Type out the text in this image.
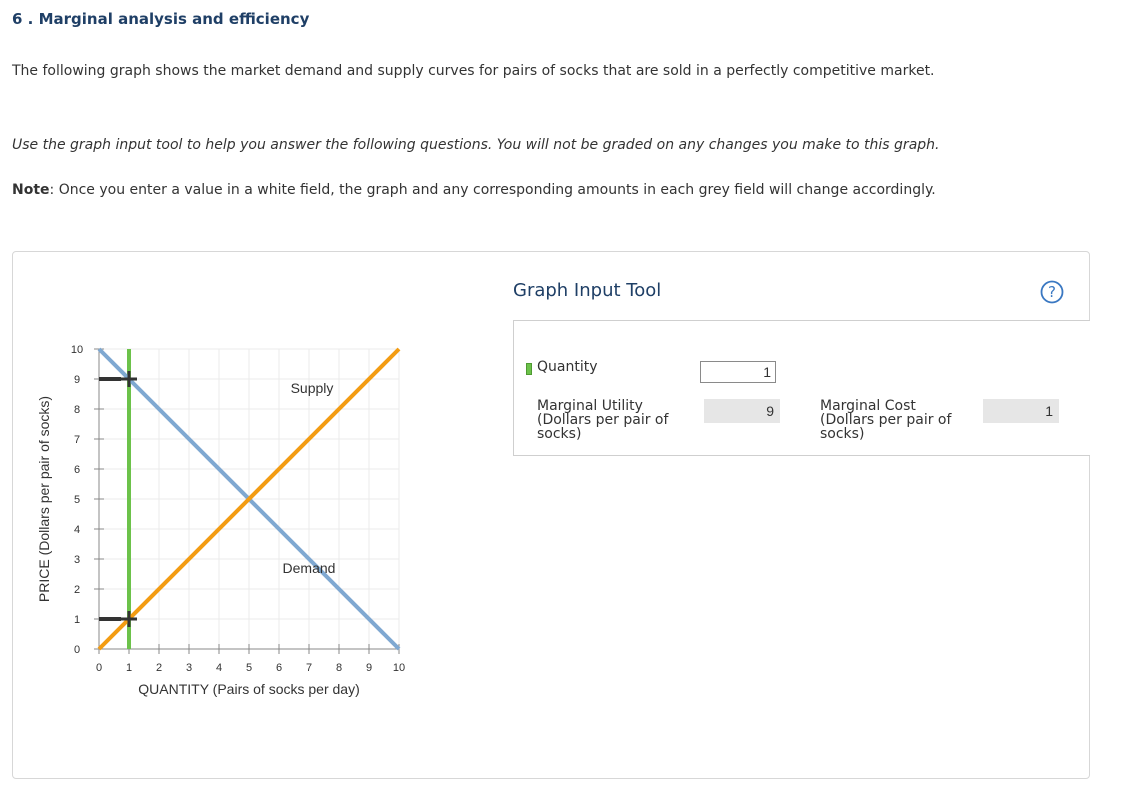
6 . Marginal analysis and efficiency
The following graph shows the market demand and supply curves for pairs of socks that are sold in a perfectly competitive market.
Use the graph input tool to help you answer the following questions. You will not be graded on any changes you make to this graph.
Note: Once you enter a value in a white field, the graph and any corresponding amounts in each grey field will change accordingly.
0 1 2 3 4 5 6 7 8 9 10
0
1
2
3
4
5
6
7
8
9
10
QUANTITY (Pairs of socks per day)
PRICE (Dollars per pair of socks)	Demand
Supply
Graph Input Tool	?
Quantity
1
Marginal Utility
(Dollars per pair of
socks)
9	Marginal Cost
(Dollars per pair of
socks)
1
